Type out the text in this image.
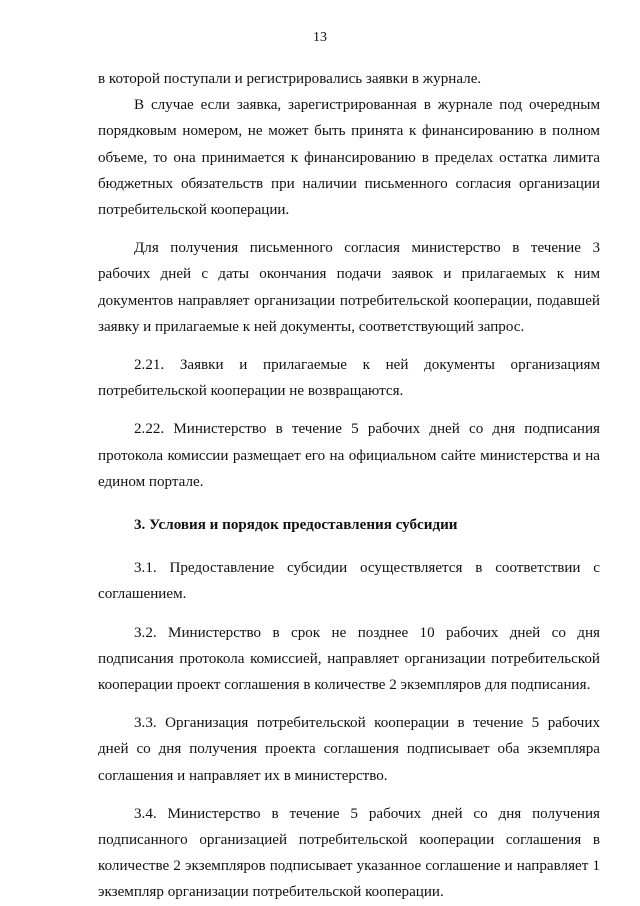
13

в которой поступали и регистрировались заявки в журнале.

В случае если заявка, зарегистрированная в журнале под очередным порядковым номером, не может быть принята к финансированию в полном объеме, то она принимается к финансированию в пределах остатка лимита бюджетных обязательств при наличии письменного согласия организации потребительской кооперации.

Для получения письменного согласия министерство в течение 3 рабочих дней с даты окончания подачи заявок и прилагаемых к ним документов направляет организации потребительской кооперации, подавшей заявку и прилагаемые к ней документы, соответствующий запрос.

2.21. Заявки и прилагаемые к ней документы организациям потребительской кооперации не возвращаются.

2.22. Министерство в течение 5 рабочих дней со дня подписания протокола комиссии размещает его на официальном сайте министерства и на едином портале.

3. Условия и порядок предоставления субсидии

3.1. Предоставление субсидии осуществляется в соответствии с соглашением.

3.2. Министерство в срок не позднее 10 рабочих дней со дня подписания протокола комиссией, направляет организации потребительской кооперации проект соглашения в количестве 2 экземпляров для подписания.

3.3. Организация потребительской кооперации в течение 5 рабочих дней со дня получения проекта соглашения подписывает оба экземпляра соглашения и направляет их в министерство.

3.4. Министерство в течение 5 рабочих дней со дня получения подписанного организацией потребительской кооперации соглашения в количестве 2 экземпляров подписывает указанное соглашение и направляет 1 экземпляр организации потребительской кооперации.
